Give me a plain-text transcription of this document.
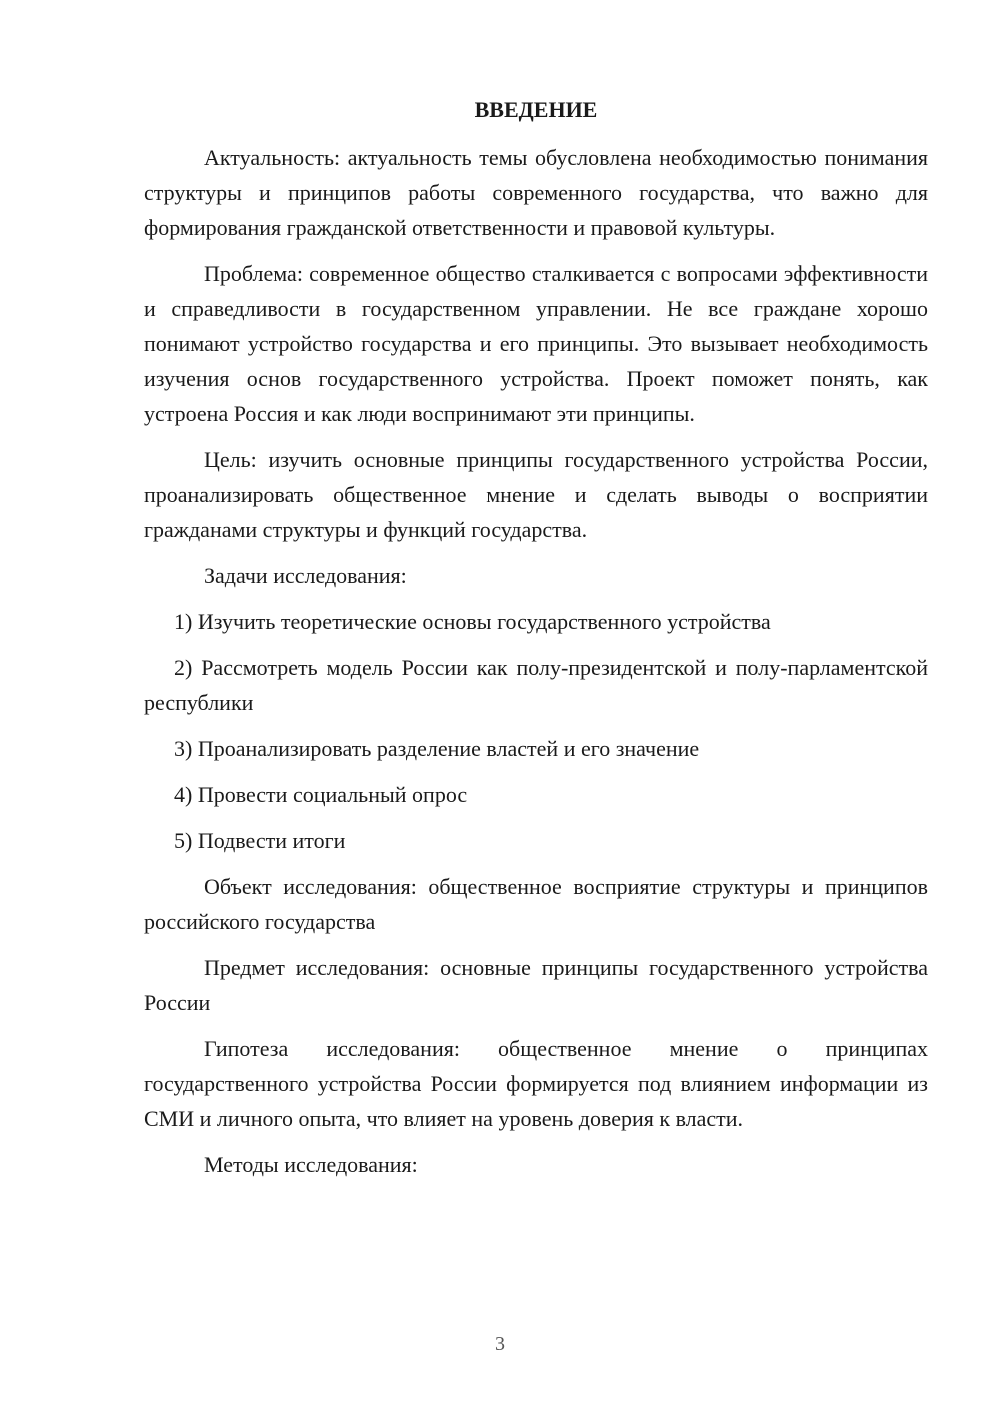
ВВЕДЕНИЕ

Актуальность: актуальность темы обусловлена необходимостью понимания структуры и принципов работы современного государства, что важно для формирования гражданской ответственности и правовой культуры.

Проблема: современное общество сталкивается с вопросами эффективности и справедливости в государственном управлении. Не все граждане хорошо понимают устройство государства и его принципы. Это вызывает необходимость изучения основ государственного устройства. Проект поможет понять, как устроена Россия и как люди воспринимают эти принципы.

Цель: изучить основные принципы государственного устройства России, проанализировать общественное мнение и сделать выводы о восприятии гражданами структуры и функций государства.

Задачи исследования:

1) Изучить теоретические основы государственного устройства

2) Рассмотреть модель России как полу-президентской и полу-парламентской республики

3) Проанализировать разделение властей и его значение

4) Провести социальный опрос

5) Подвести итоги

Объект исследования: общественное восприятие структуры и принципов российского государства

Предмет исследования: основные принципы государственного устройства России

Гипотеза исследования: общественное мнение о принципах государственного устройства России формируется под влиянием информации из СМИ и личного опыта, что влияет на уровень доверия к власти.

Методы исследования:

3
